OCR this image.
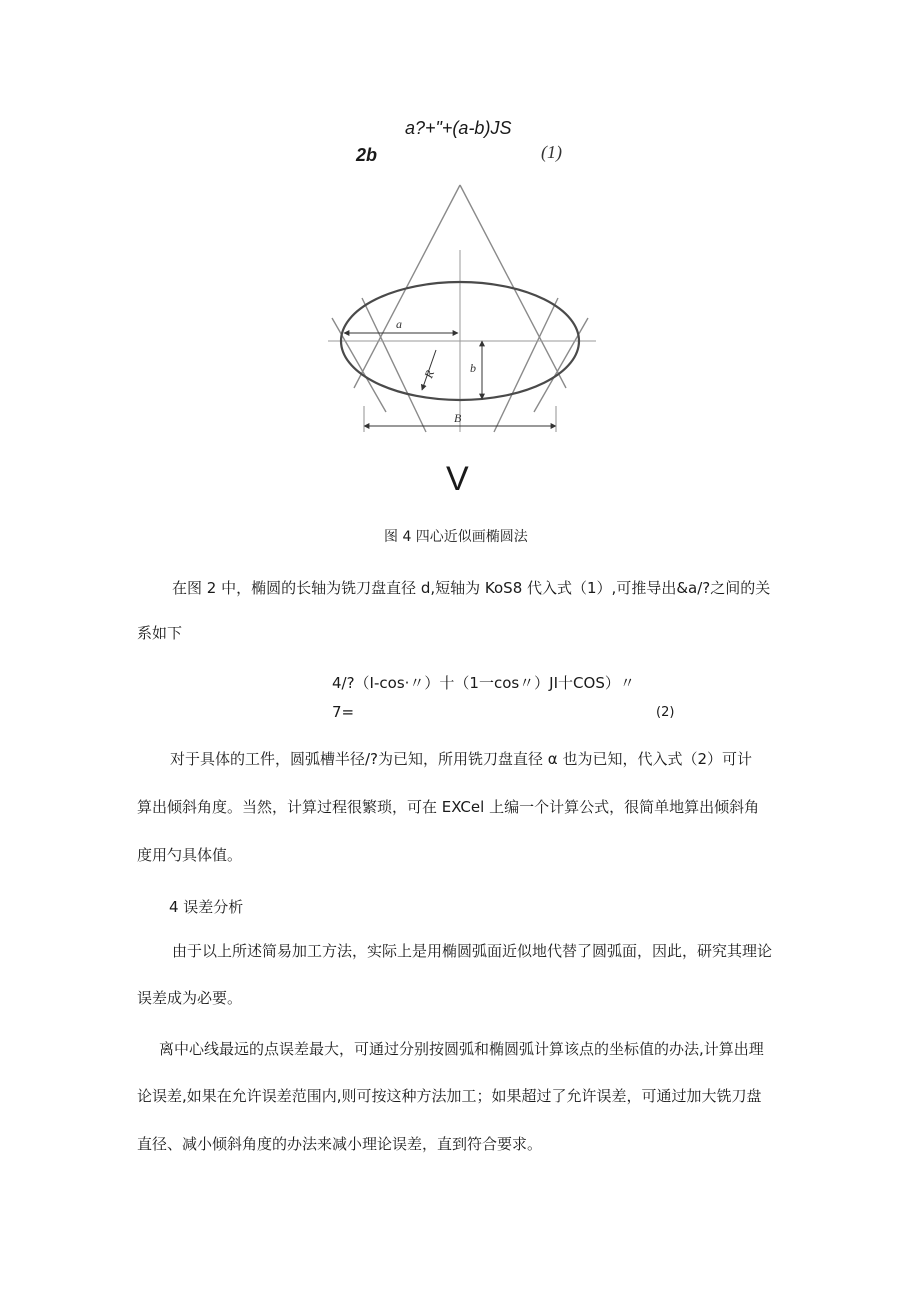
a?+"+(a-b)JS
2b	(1)
a
b
R
B
V
图 4 四心近似画椭圆法
在图 2 中，椭圆的长轴为铣刀盘直径 d,短轴为 KoS8 代入式（1）,可推导出&a/?之间的关
系如下
4/?（I-cos·〃）十（1一cos〃）JI十COS）〃
7=	(2)
对于具体的工件，圆弧槽半径/?为已知，所用铣刀盘直径 α 也为已知，代入式（2）可计
算出倾斜角度。当然，计算过程很繁琐，可在 EXCel 上编一个计算公式，很简单地算出倾斜角
度用勺具体值。
4 误差分析
由于以上所述简易加工方法，实际上是用椭圆弧面近似地代替了圆弧面，因此，研究其理论
误差成为必要。
离中心线最远的点误差最大，可通过分别按圆弧和椭圆弧计算该点的坐标值的办法,计算出理
论误差,如果在允许误差范围内,则可按这种方法加工；如果超过了允许误差，可通过加大铣刀盘
直径、减小倾斜角度的办法来减小理论误差，直到符合要求。
